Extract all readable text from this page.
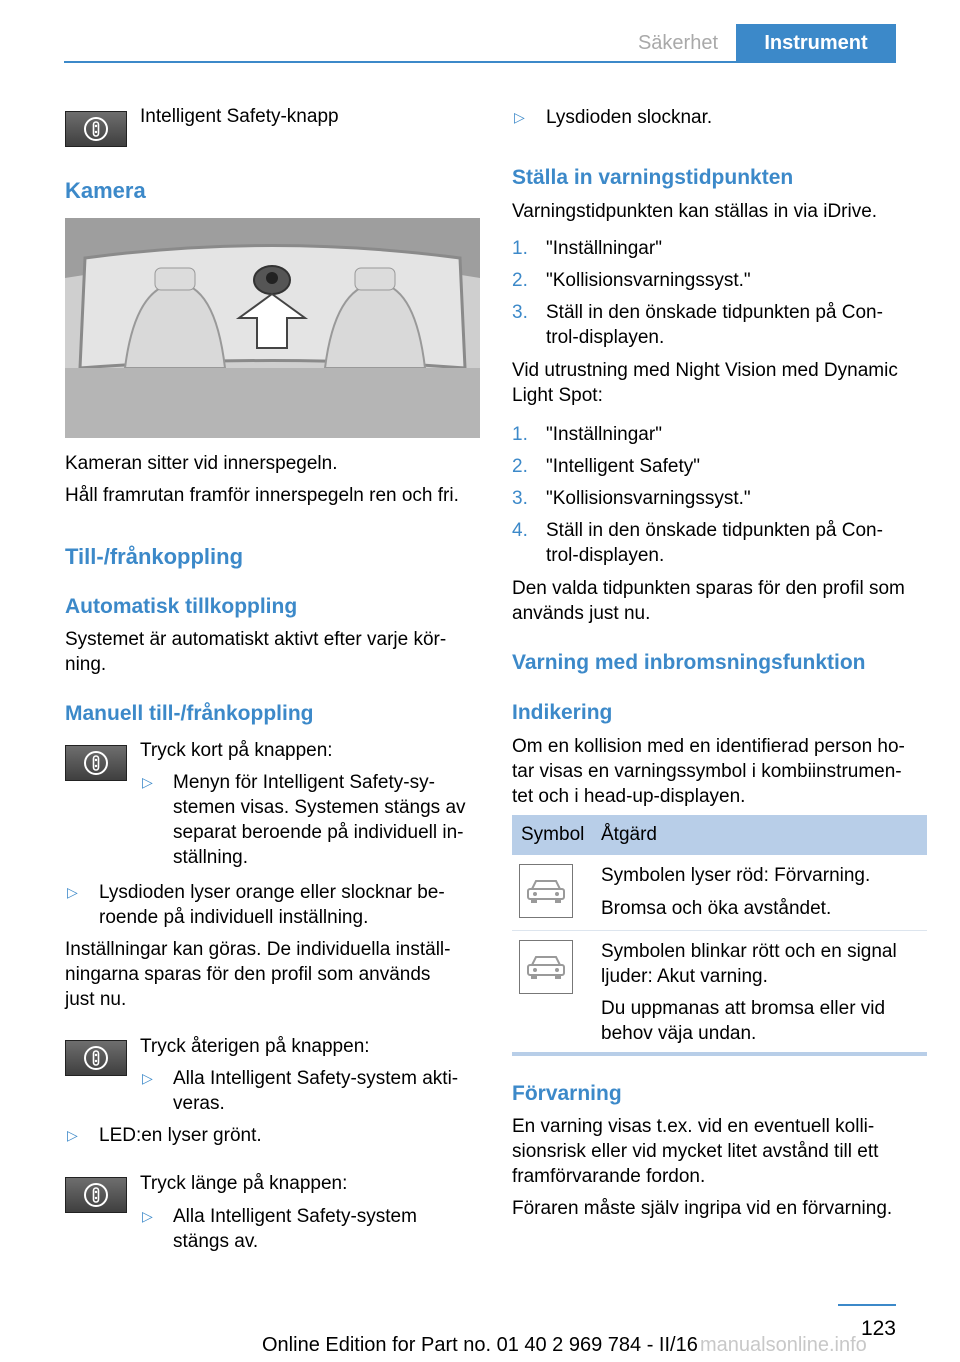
Säkerhet	Instrument
Intelligent Safety-knapp
Kamera
Kameran sitter vid innerspegeln.
Håll framrutan framför innerspegeln ren och fri.
Till-/frånkoppling
Automatisk tillkoppling
Systemet är automatiskt aktivt efter varje kör-
ning.
Manuell till-/frånkoppling
Tryck kort på knappen:
▷ Menyn för Intelligent Safety-sy-
stemen visas. Systemen stängs av
separat beroende på individuell in-
ställning.
▷ Lysdioden lyser orange eller slocknar be-
roende på individuell inställning.
Inställningar kan göras. De individuella inställ-
ningarna sparas för den profil som används
just nu.
Tryck återigen på knappen:
▷ Alla Intelligent Safety-system akti-
veras.
▷ LED:en lyser grönt.
Tryck länge på knappen:
▷ Alla Intelligent Safety-system
stängs av.
▷ Lysdioden slocknar.
Ställa in varningstidpunkten
Varningstidpunkten kan ställas in via iDrive.
1. "Inställningar"
2. "Kollisionsvarningssyst."
3. Ställ in den önskade tidpunkten på Con-
trol-displayen.
Vid utrustning med Night Vision med Dynamic
Light Spot:
1. "Inställningar"
2. "Intelligent Safety"
3. "Kollisionsvarningssyst."
4. Ställ in den önskade tidpunkten på Con-
trol-displayen.
Den valda tidpunkten sparas för den profil som
används just nu.
Varning med inbromsningsfunktion
Indikering
Om en kollision med en identifierad person ho-
tar visas en varningssymbol i kombiinstrumen-
tet och i head-up-displayen.
Symbol Åtgärd
Symbolen lyser röd: Förvarning.
Bromsa och öka avståndet.
Symbolen blinkar rött och en signal
ljuder: Akut varning.
Du uppmanas att bromsa eller vid
behov väja undan.
Förvarning
En varning visas t.ex. vid en eventuell kolli-
sionsrisk eller vid mycket litet avstånd till ett
framförvarande fordon.
Föraren måste själv ingripa vid en förvarning.
123
Online Edition for Part no. 01 40 2 969 784 - II/16 manualsonline.info
